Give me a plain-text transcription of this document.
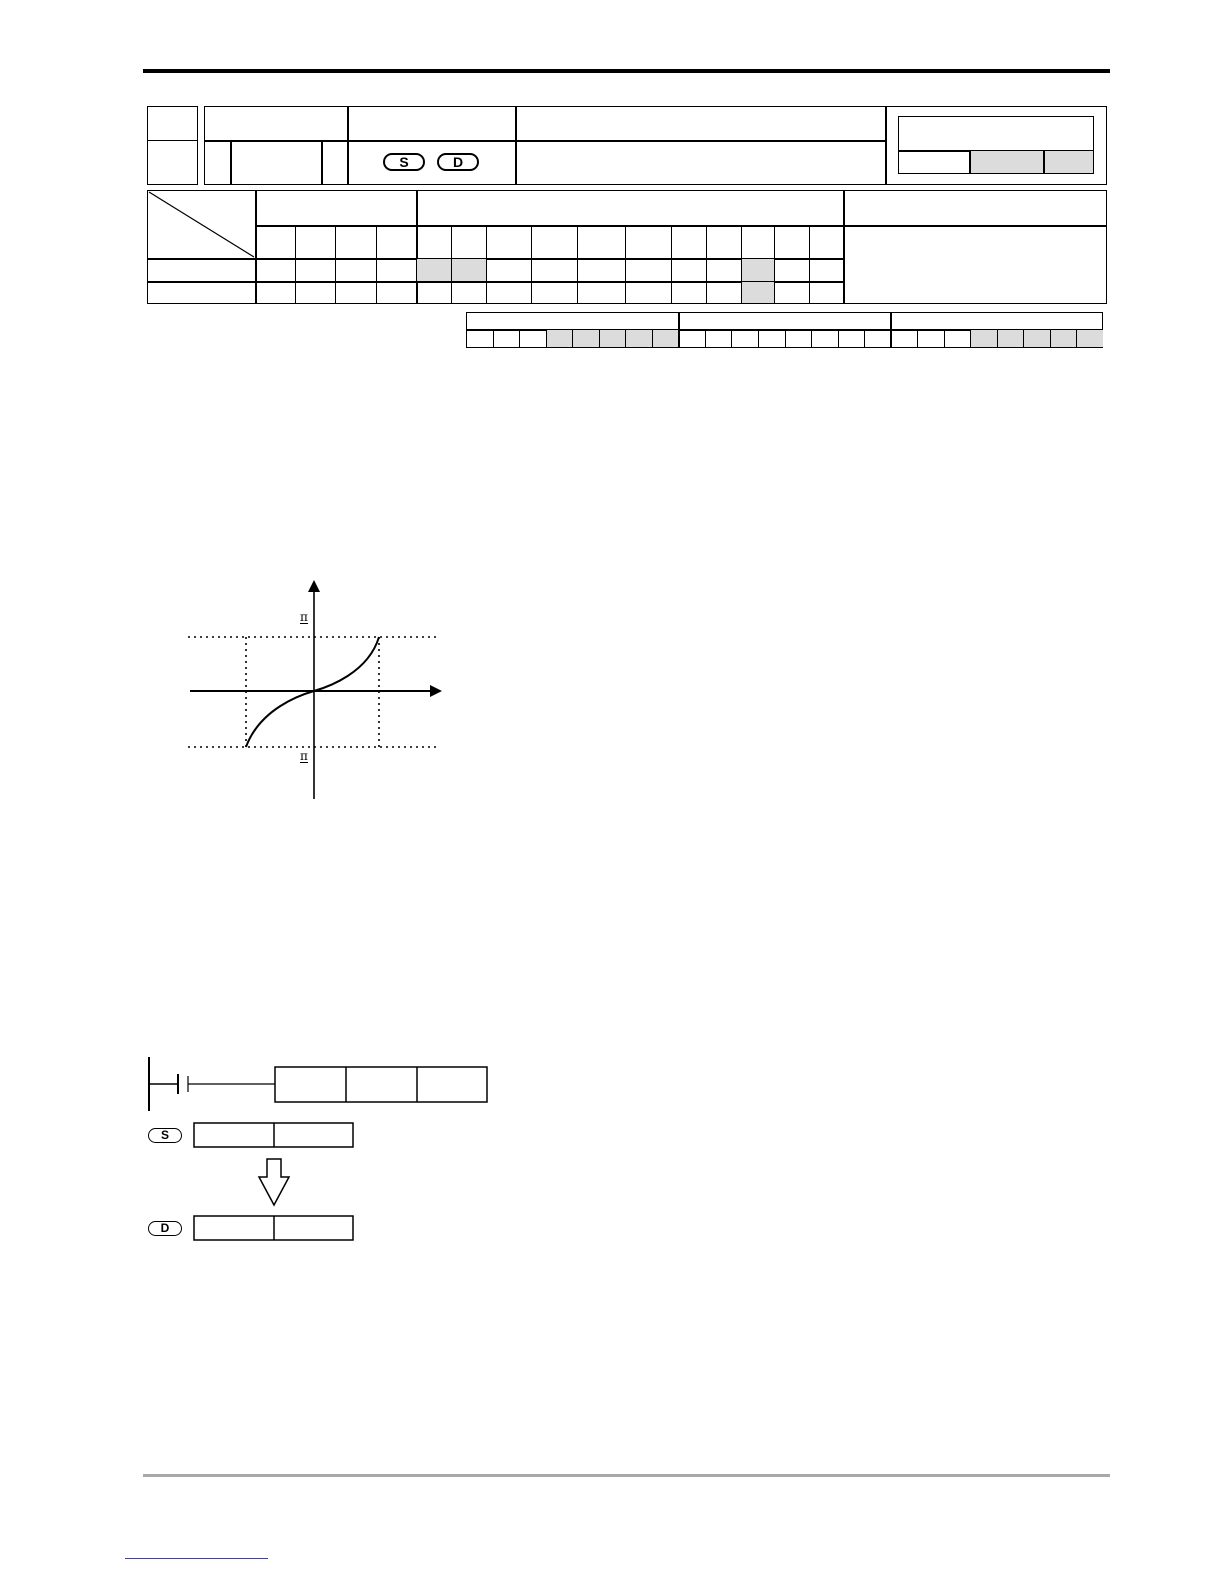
S	D
π
π
S
D
